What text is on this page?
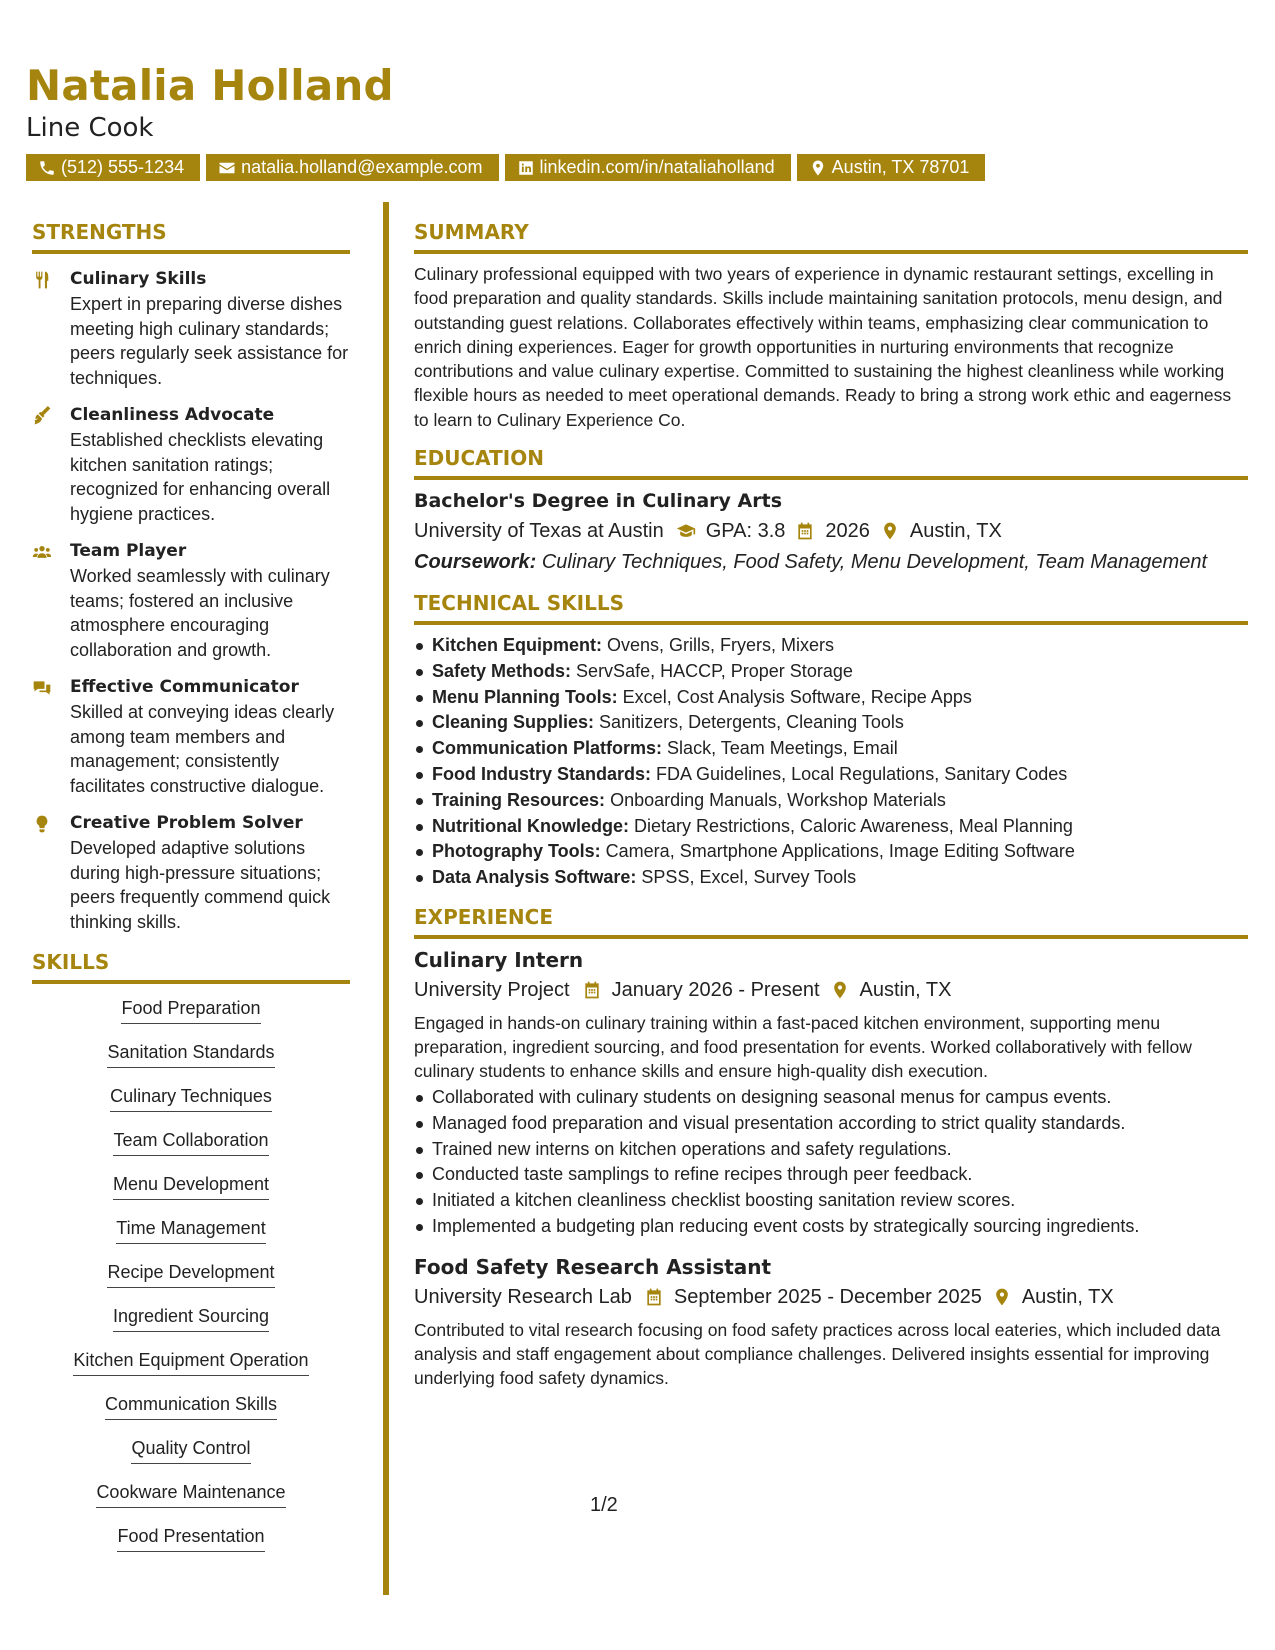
Natalia Holland
Line Cook
(512) 555-1234	natalia.holland@example.com	linkedin.com/in/nataliaholland	Austin, TX 78701
STRENGTHS
Culinary Skills
Expert in preparing diverse dishes meeting high culinary standards; peers regularly seek assistance for techniques.
Cleanliness Advocate
Established checklists elevating kitchen sanitation ratings; recognized for enhancing overall hygiene practices.
Team Player
Worked seamlessly with culinary teams; fostered an inclusive atmosphere encouraging collaboration and growth.
Effective Communicator
Skilled at conveying ideas clearly among team members and management; consistently facilitates constructive dialogue.
Creative Problem Solver
Developed adaptive solutions during high-pressure situations; peers frequently commend quick thinking skills.
SKILLS
Food Preparation
Sanitation Standards
Culinary Techniques
Team Collaboration
Menu Development
Time Management
Recipe Development
Ingredient Sourcing
Kitchen Equipment Operation
Communication Skills
Quality Control
Cookware Maintenance
Food Presentation
SUMMARY
Culinary professional equipped with two years of experience in dynamic restaurant settings, excelling in food preparation and quality standards. Skills include maintaining sanitation protocols, menu design, and outstanding guest relations. Collaborates effectively within teams, emphasizing clear communication to enrich dining experiences. Eager for growth opportunities in nurturing environments that recognize contributions and value culinary expertise. Committed to sustaining the highest cleanliness while working flexible hours as needed to meet operational demands. Ready to bring a strong work ethic and eagerness to learn to Culinary Experience Co.
EDUCATION
Bachelor's Degree in Culinary Arts
University of Texas at Austin GPA: 3.8 2026 Austin, TX
Coursework: Culinary Techniques, Food Safety, Menu Development, Team Management
TECHNICAL SKILLS
Kitchen Equipment: Ovens, Grills, Fryers, Mixers
Safety Methods: ServSafe, HACCP, Proper Storage
Menu Planning Tools: Excel, Cost Analysis Software, Recipe Apps
Cleaning Supplies: Sanitizers, Detergents, Cleaning Tools
Communication Platforms: Slack, Team Meetings, Email
Food Industry Standards: FDA Guidelines, Local Regulations, Sanitary Codes
Training Resources: Onboarding Manuals, Workshop Materials
Nutritional Knowledge: Dietary Restrictions, Caloric Awareness, Meal Planning
Photography Tools: Camera, Smartphone Applications, Image Editing Software
Data Analysis Software: SPSS, Excel, Survey Tools
EXPERIENCE
Culinary Intern
University Project January 2026 - Present Austin, TX
Engaged in hands-on culinary training within a fast-paced kitchen environment, supporting menu preparation, ingredient sourcing, and food presentation for events. Worked collaboratively with fellow culinary students to enhance skills and ensure high-quality dish execution.
Collaborated with culinary students on designing seasonal menus for campus events.
Managed food preparation and visual presentation according to strict quality standards.
Trained new interns on kitchen operations and safety regulations.
Conducted taste samplings to refine recipes through peer feedback.
Initiated a kitchen cleanliness checklist boosting sanitation review scores.
Implemented a budgeting plan reducing event costs by strategically sourcing ingredients.
Food Safety Research Assistant
University Research Lab September 2025 - December 2025 Austin, TX
Contributed to vital research focusing on food safety practices across local eateries, which included data analysis and staff engagement about compliance challenges. Delivered insights essential for improving underlying food safety dynamics.
1/2
